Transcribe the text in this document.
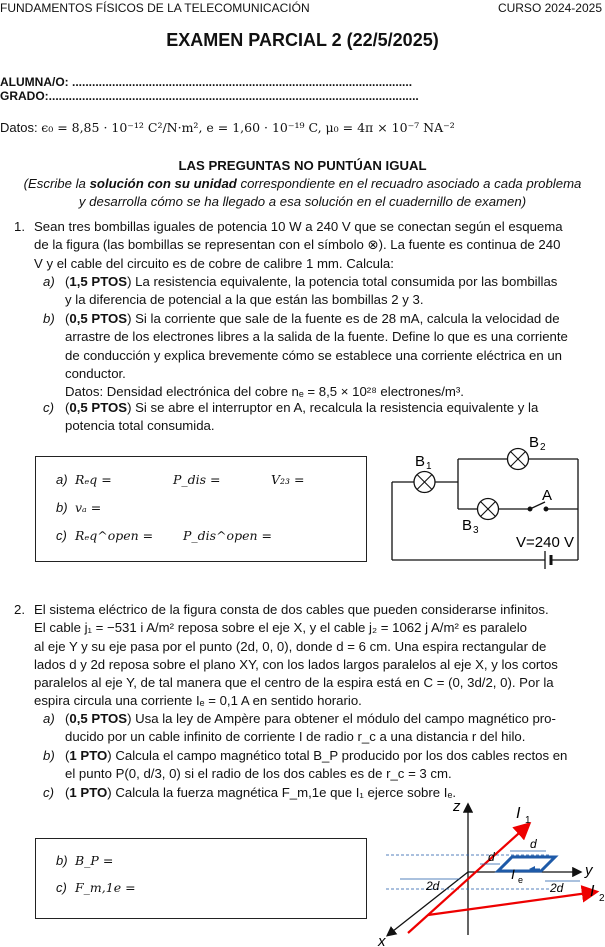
FUNDAMENTOS FÍSICOS DE LA TELECOMUNICACIÓN	CURSO 2024-2025
EXAMEN PARCIAL 2 (22/5/2025)
ALUMNA/O: ......................................................................................................
GRADO:...............................................................................................................
Datos: ϵ₀ = 8,85 · 10⁻¹² C²/N·m², e = 1,60 · 10⁻¹⁹ C, μ₀ = 4π × 10⁻⁷ NA⁻²
LAS PREGUNTAS NO PUNTÚAN IGUAL
(Escribe la solución con su unidad correspondiente en el recuadro asociado a cada problema
y desarrolla cómo se ha llegado a esa solución en el cuadernillo de examen)
1. Sean tres bombillas iguales de potencia 10 W a 240 V que se conectan según el esquema
de la figura (las bombillas se representan con el símbolo ⊗). La fuente es continua de 240
V y el cable del circuito es de cobre de calibre 1 mm. Calcula:
a) (1,5 PTOS) La resistencia equivalente, la potencia total consumida por las bombillas
y la diferencia de potencial a la que están las bombillas 2 y 3.
b) (0,5 PTOS) Si la corriente que sale de la fuente es de 28 mA, calcula la velocidad de
arrastre de los electrones libres a la salida de la fuente. Define lo que es una corriente
de conducción y explica brevemente cómo se establece una corriente eléctrica en un
conductor.
Datos: Densidad electrónica del cobre nₑ = 8,5 × 10²⁸ electrones/m³.
c) (0,5 PTOS) Si se abre el interruptor en A, recalcula la resistencia equivalente y la
potencia total consumida.
a) Rₑq =	P_dis =	V₂₃ =
b) vₐ =
c) Rₑq^open = P_dis^open =
B 1
B 2
B 3
A
V=240 V
2. El sistema eléctrico de la figura consta de dos cables que pueden considerarse infinitos.
El cable j₁ = −531 i A/m² reposa sobre el eje X, y el cable j₂ = 1062 j A/m² es paralelo
al eje Y y su eje pasa por el punto (2d, 0, 0), donde d = 6 cm. Una espira rectangular de
lados d y 2d reposa sobre el plano XY, con los lados largos paralelos al eje X, y los cortos
paralelos al eje Y, de tal manera que el centro de la espira está en C = (0, 3d/2, 0). Por la
espira circula una corriente Iₑ = 0,1 A en sentido horario.
a) (0,5 PTOS) Usa la ley de Ampère para obtener el módulo del campo magnético pro-
ducido por un cable infinito de corriente I de radio r_c a una distancia r del hilo.
b) (1 PTO) Calcula el campo magnético total B_P producido por los dos cables rectos en
el punto P(0, d/3, 0) si el radio de los dos cables es de r_c = 3 cm.
c) (1 PTO) Calcula la fuerza magnética F_m,1e que I₁ ejerce sobre Iₑ.
b) B_P =
c) F_m,1e =
z
y
x
I 1
I 2
I e
d
d
2d	2d
